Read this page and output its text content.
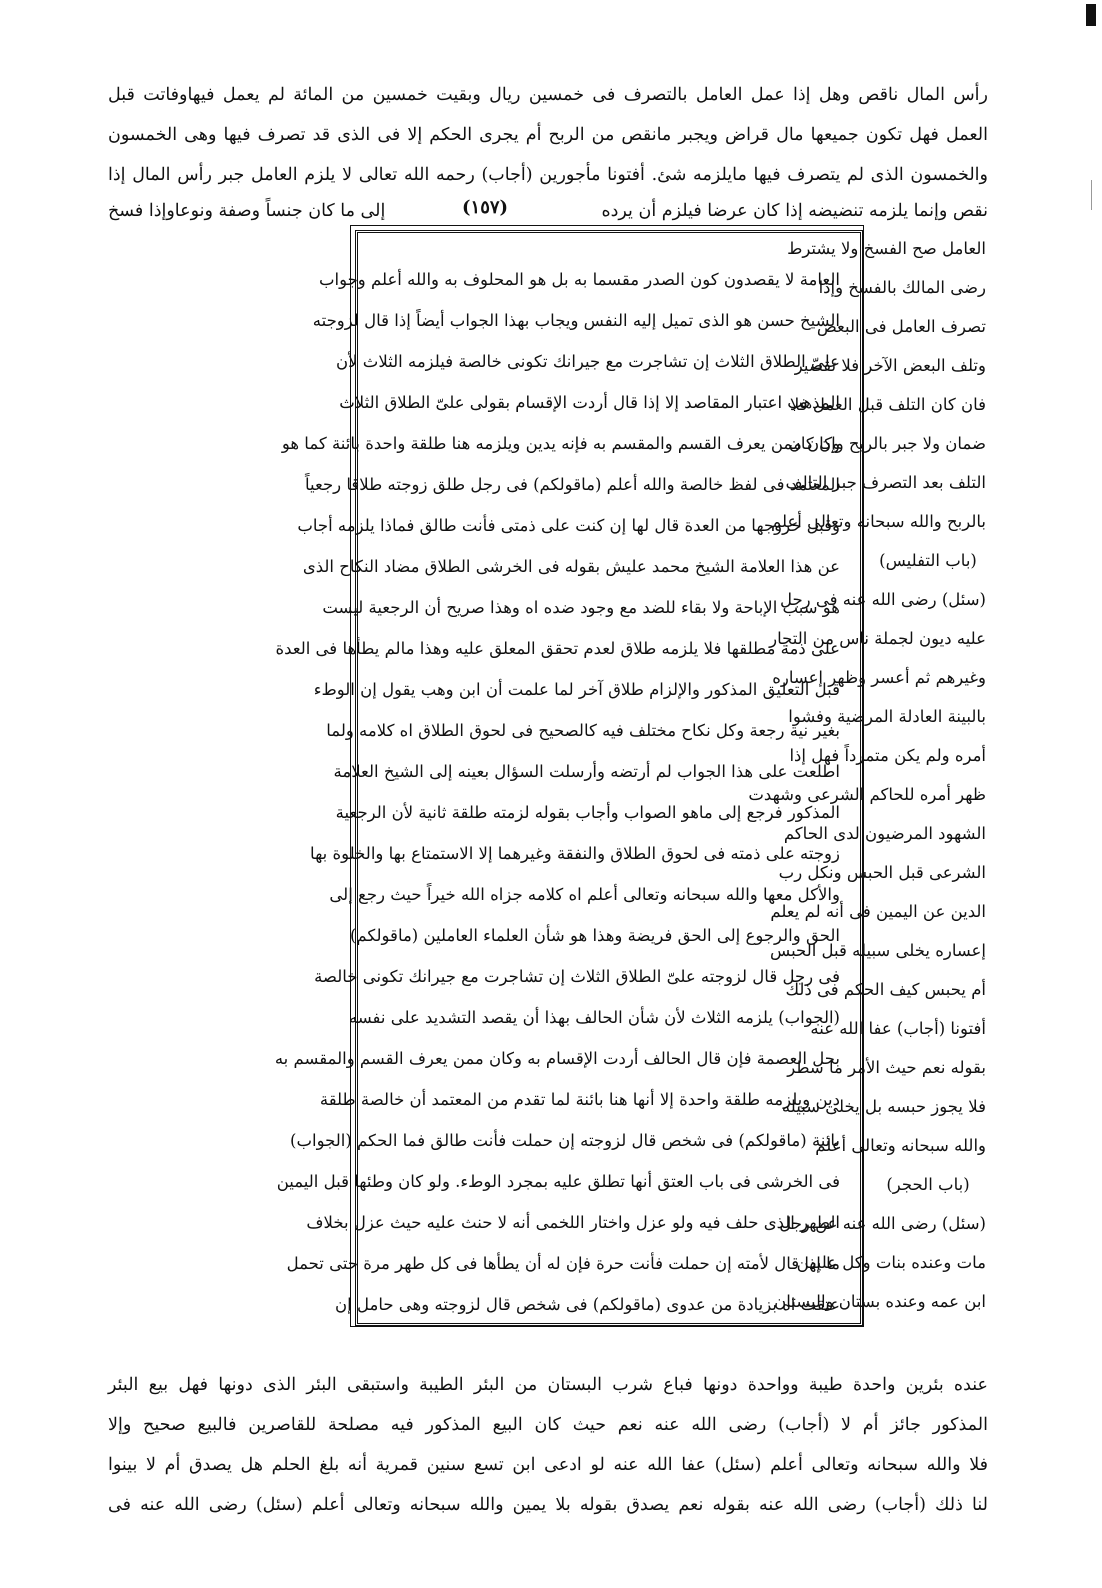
رأس المال ناقص وهل إذا عمل العامل بالتصرف فى خمسين ريال وبقيت خمسين من المائة لم يعمل فيهاوفاتت قبل
العمل فهل تكون جميعها مال قراض ويجبر مانقص من الربح أم يجرى الحكم إلا فى الذى قد تصرف فيها وهى الخمسون
والخمسون الذى لم يتصرف فيها مايلزمه شئ. أفتونا مأجورين (أجاب) رحمه الله تعالى لا يلزم العامل جبر رأس المال إذا
نقص وإنما يلزمه تنضيضه إذا كان عرضا فيلزم أن يرده
(١٥٧)
إلى ما كان جنساً وصفة ونوعاوإذا فسخ
العامل صح الفسخ ولا يشترط
رضى المالك بالفسخ وإذا
تصرف العامل فى البعض
وتلف البعض الآخر فلا تقصير
فان كان التلف قبل العمل فلا
ضمان ولا جبر بالربح وإن كان
التلف بعد التصرف جبر التالف
بالربح والله سبحانه وتعالى أعلم
(باب التفليس)
(سئل) رضى الله عنه فى رجل
عليه ديون لجملة ناس من التجار
وغيرهم ثم أعسر وظهر إعساره
بالبينة العادلة المرضية وفشوا
أمره ولم يكن متمرداً فهل إذا
ظهر أمره للحاكم الشرعى وشهدت
الشهود المرضيون لدى الحاكم
الشرعى قبل الحبس ونكل رب
الدين عن اليمين فى أنه لم يعلم
إعساره يخلى سبيله قبل الحبس
أم يحبس كيف الحكم فى ذلك
أفتونا (أجاب) عفا الله عنه
بقوله نعم حيث الأمر ما سطر
فلا يجوز حبسه بل يخلى سبيله
والله سبحانه وتعالى أعلم
(باب الحجر)
(سئل) رضى الله عنه عن رجل
مات وعنده بنات وكل عليهن
ابن عمه وعنده بستان والبستان
العامة لا يقصدون كون الصدر مقسما به بل هو المحلوف به والله أعلم وجواب
الشيخ حسن هو الذى تميل إليه النفس ويجاب بهذا الجواب أيضاً إذا قال لزوجته
علىّ الطلاق الثلاث إن تشاجرت مع جيرانك تكونى خالصة فيلزمه الثلاث لأن
المذهب اعتبار المقاصد إلا إذا قال أردت الإقسام بقولى علىّ الطلاق الثلاث
وكان ممن يعرف القسم والمقسم به فإنه يدين ويلزمه هنا طلقة واحدة بائنة كما هو
المعتمد فى لفظ خالصة والله أعلم (ماقولكم) فى رجل طلق زوجته طلاقا رجعياً
وقبل خروجها من العدة قال لها إن كنت على ذمتى فأنت طالق فماذا يلزمه أجاب
عن هذا العلامة الشيخ محمد عليش بقوله فى الخرشى الطلاق مضاد النكاح الذى
هو سبب الإباحة ولا بقاء للضد مع وجود ضده اه وهذا صريح أن الرجعية ليست
على ذمة مطلقها فلا يلزمه طلاق لعدم تحقق المعلق عليه وهذا مالم يطأها فى العدة
قبل التعليق المذكور والإلزام طلاق آخر لما علمت أن ابن وهب يقول إن الوطء
بغير نية رجعة وكل نكاح مختلف فيه كالصحيح فى لحوق الطلاق اه كلامه ولما
اطلعت على هذا الجواب لم أرتضه وأرسلت السؤال بعينه إلى الشيخ العلامة
المذكور فرجع إلى ماهو الصواب وأجاب بقوله لزمته طلقة ثانية لأن الرجعية
زوجته على ذمته فى لحوق الطلاق والنفقة وغيرهما إلا الاستمتاع بها والخلوة بها
والأكل معها والله سبحانه وتعالى أعلم اه كلامه جزاه الله خيراً حيث رجع إلى
الحق والرجوع إلى الحق فريضة وهذا هو شأن العلماء العاملين (ماقولكم)
فى رجل قال لزوجته علىّ الطلاق الثلاث إن تشاجرت مع جيرانك تكونى خالصة
(الجواب) يلزمه الثلاث لأن شأن الحالف بهذا أن يقصد التشديد على نفسه
بحل العصمة فإن قال الحالف أردت الإقسام به وكان ممن يعرف القسم والمقسم به
دين ويلزمه طلقة واحدة إلا أنها هنا بائنة لما تقدم من المعتمد أن خالصة طلقة
بائنة (ماقولكم) فى شخص قال لزوجته إن حملت فأنت طالق فما الحكم (الجواب)
فى الخرشى فى باب العتق أنها تطلق عليه بمجرد الوطء. ولو كان وطئها قبل اليمين
الطهر الذى حلف فيه ولو عزل واختار اللخمى أنه لا حنث عليه حيث عزل بخلاف
ما إذا قال لأمته إن حملت فأنت حرة فإن له أن يطأها فى كل طهر مرة حتى تحمل
عتقت اه بزيادة من عدوى (ماقولكم) فى شخص قال لزوجته وهى حامل إن
عنده بئرين واحدة طيبة وواحدة دونها فباع شرب البستان من البئر الطيبة واستبقى البئر الذى دونها فهل بيع البئر
المذكور جائز أم لا (أجاب) رضى الله عنه نعم حيث كان البيع المذكور فيه مصلحة للقاصرين فالبيع صحيح وإلا
فلا والله سبحانه وتعالى أعلم (سئل) عفا الله عنه لو ادعى ابن تسع سنين قمرية أنه بلغ الحلم هل يصدق أم لا بينوا
لنا ذلك (أجاب) رضى الله عنه بقوله نعم يصدق بقوله بلا يمين والله سبحانه وتعالى أعلم (سئل) رضى الله عنه فى
